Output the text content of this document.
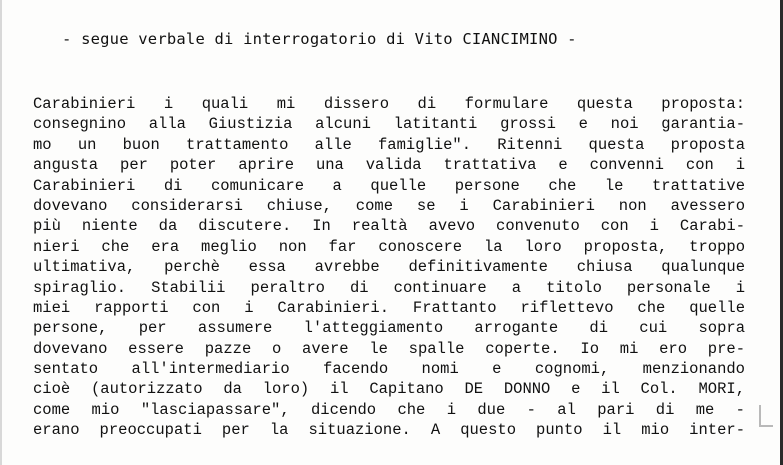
- segue verbale di interrogatorio di Vito CIANCIMINO -
Carabinieri i quali mi dissero di formulare questa proposta:
consegnino alla Giustizia alcuni latitanti grossi e noi garantia-
mo un buon trattamento alle famiglie". Ritenni questa proposta
angusta per poter aprire una valida trattativa e convenni con i
Carabinieri di comunicare a quelle persone che le trattative
dovevano considerarsi chiuse, come se i Carabinieri non avessero
più niente da discutere. In realtà avevo convenuto con i Carabi-
nieri che era meglio non far conoscere la loro proposta, troppo
ultimativa, perchè essa avrebbe definitivamente chiusa qualunque
spiraglio. Stabilii peraltro di continuare a titolo personale i
miei rapporti con i Carabinieri. Frattanto riflettevo che quelle
persone, per assumere l'atteggiamento arrogante di cui sopra
dovevano essere pazze o avere le spalle coperte. Io mi ero pre-
sentato all'intermediario facendo nomi e cognomi, menzionando
cioè (autorizzato da loro) il Capitano DE DONNO e il Col. MORI,
come mio "lasciapassare", dicendo che i due - al pari di me -
erano preoccupati per la situazione. A questo punto il mio inter-
